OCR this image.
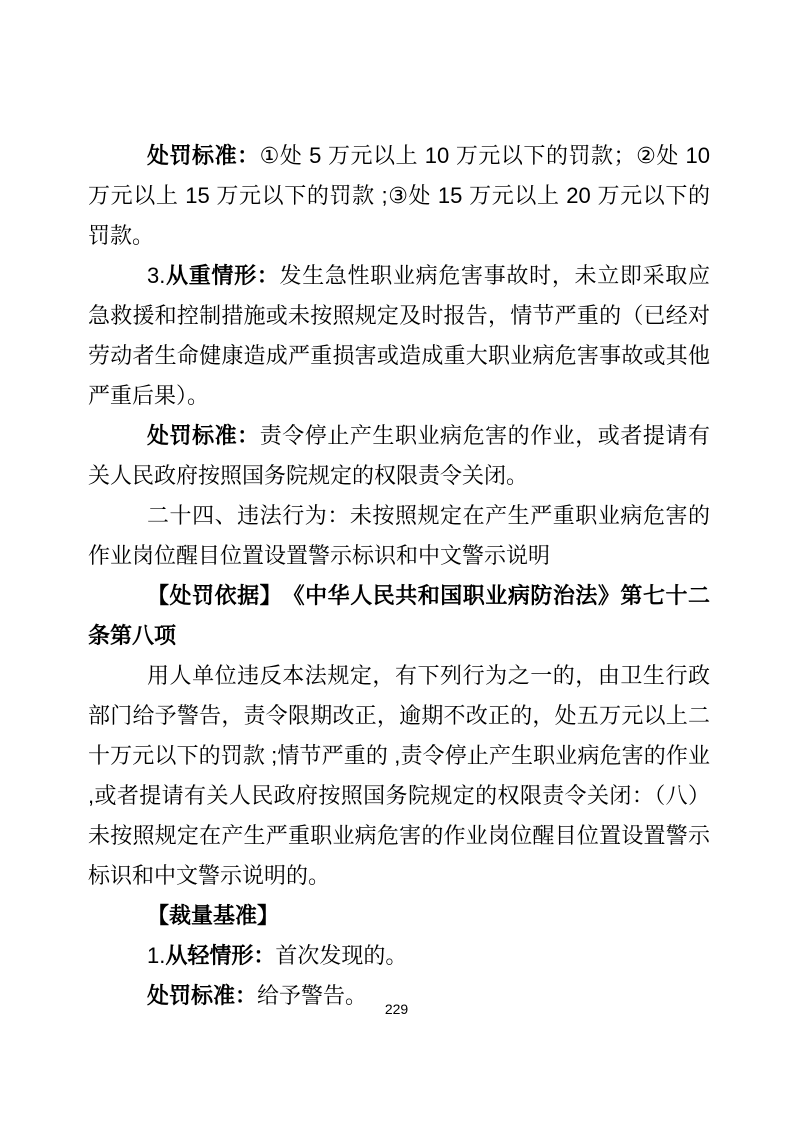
处罚标准：①处 5 万元以上 10 万元以下的罚款；②处 10 万元以上 15 万元以下的罚款 ;③处 15 万元以上 20 万元以下的罚款。

3.从重情形：发生急性职业病危害事故时，未立即采取应急救援和控制措施或未按照规定及时报告，情节严重的（已经对劳动者生命健康造成严重损害或造成重大职业病危害事故或其他严重后果）。

处罚标准：责令停止产生职业病危害的作业，或者提请有关人民政府按照国务院规定的权限责令关闭。

二十四、违法行为：未按照规定在产生严重职业病危害的作业岗位醒目位置设置警示标识和中文警示说明

【处罚依据】　《中华人民共和国职业病防治法》第七十二条第八项

用人单位违反本法规定，有下列行为之一的，由卫生行政部门给予警告，责令限期改正，逾期不改正的，处五万元以上二十万元以下的罚款 ;情节严重的 ,责令停止产生职业病危害的作业 ,或者提请有关人民政府按照国务院规定的权限责令关闭：（八）未按照规定在产生严重职业病危害的作业岗位醒目位置设置警示标识和中文警示说明的。

【裁量基准】

1.从轻情形：首次发现的。

处罚标准：给予警告。

229
